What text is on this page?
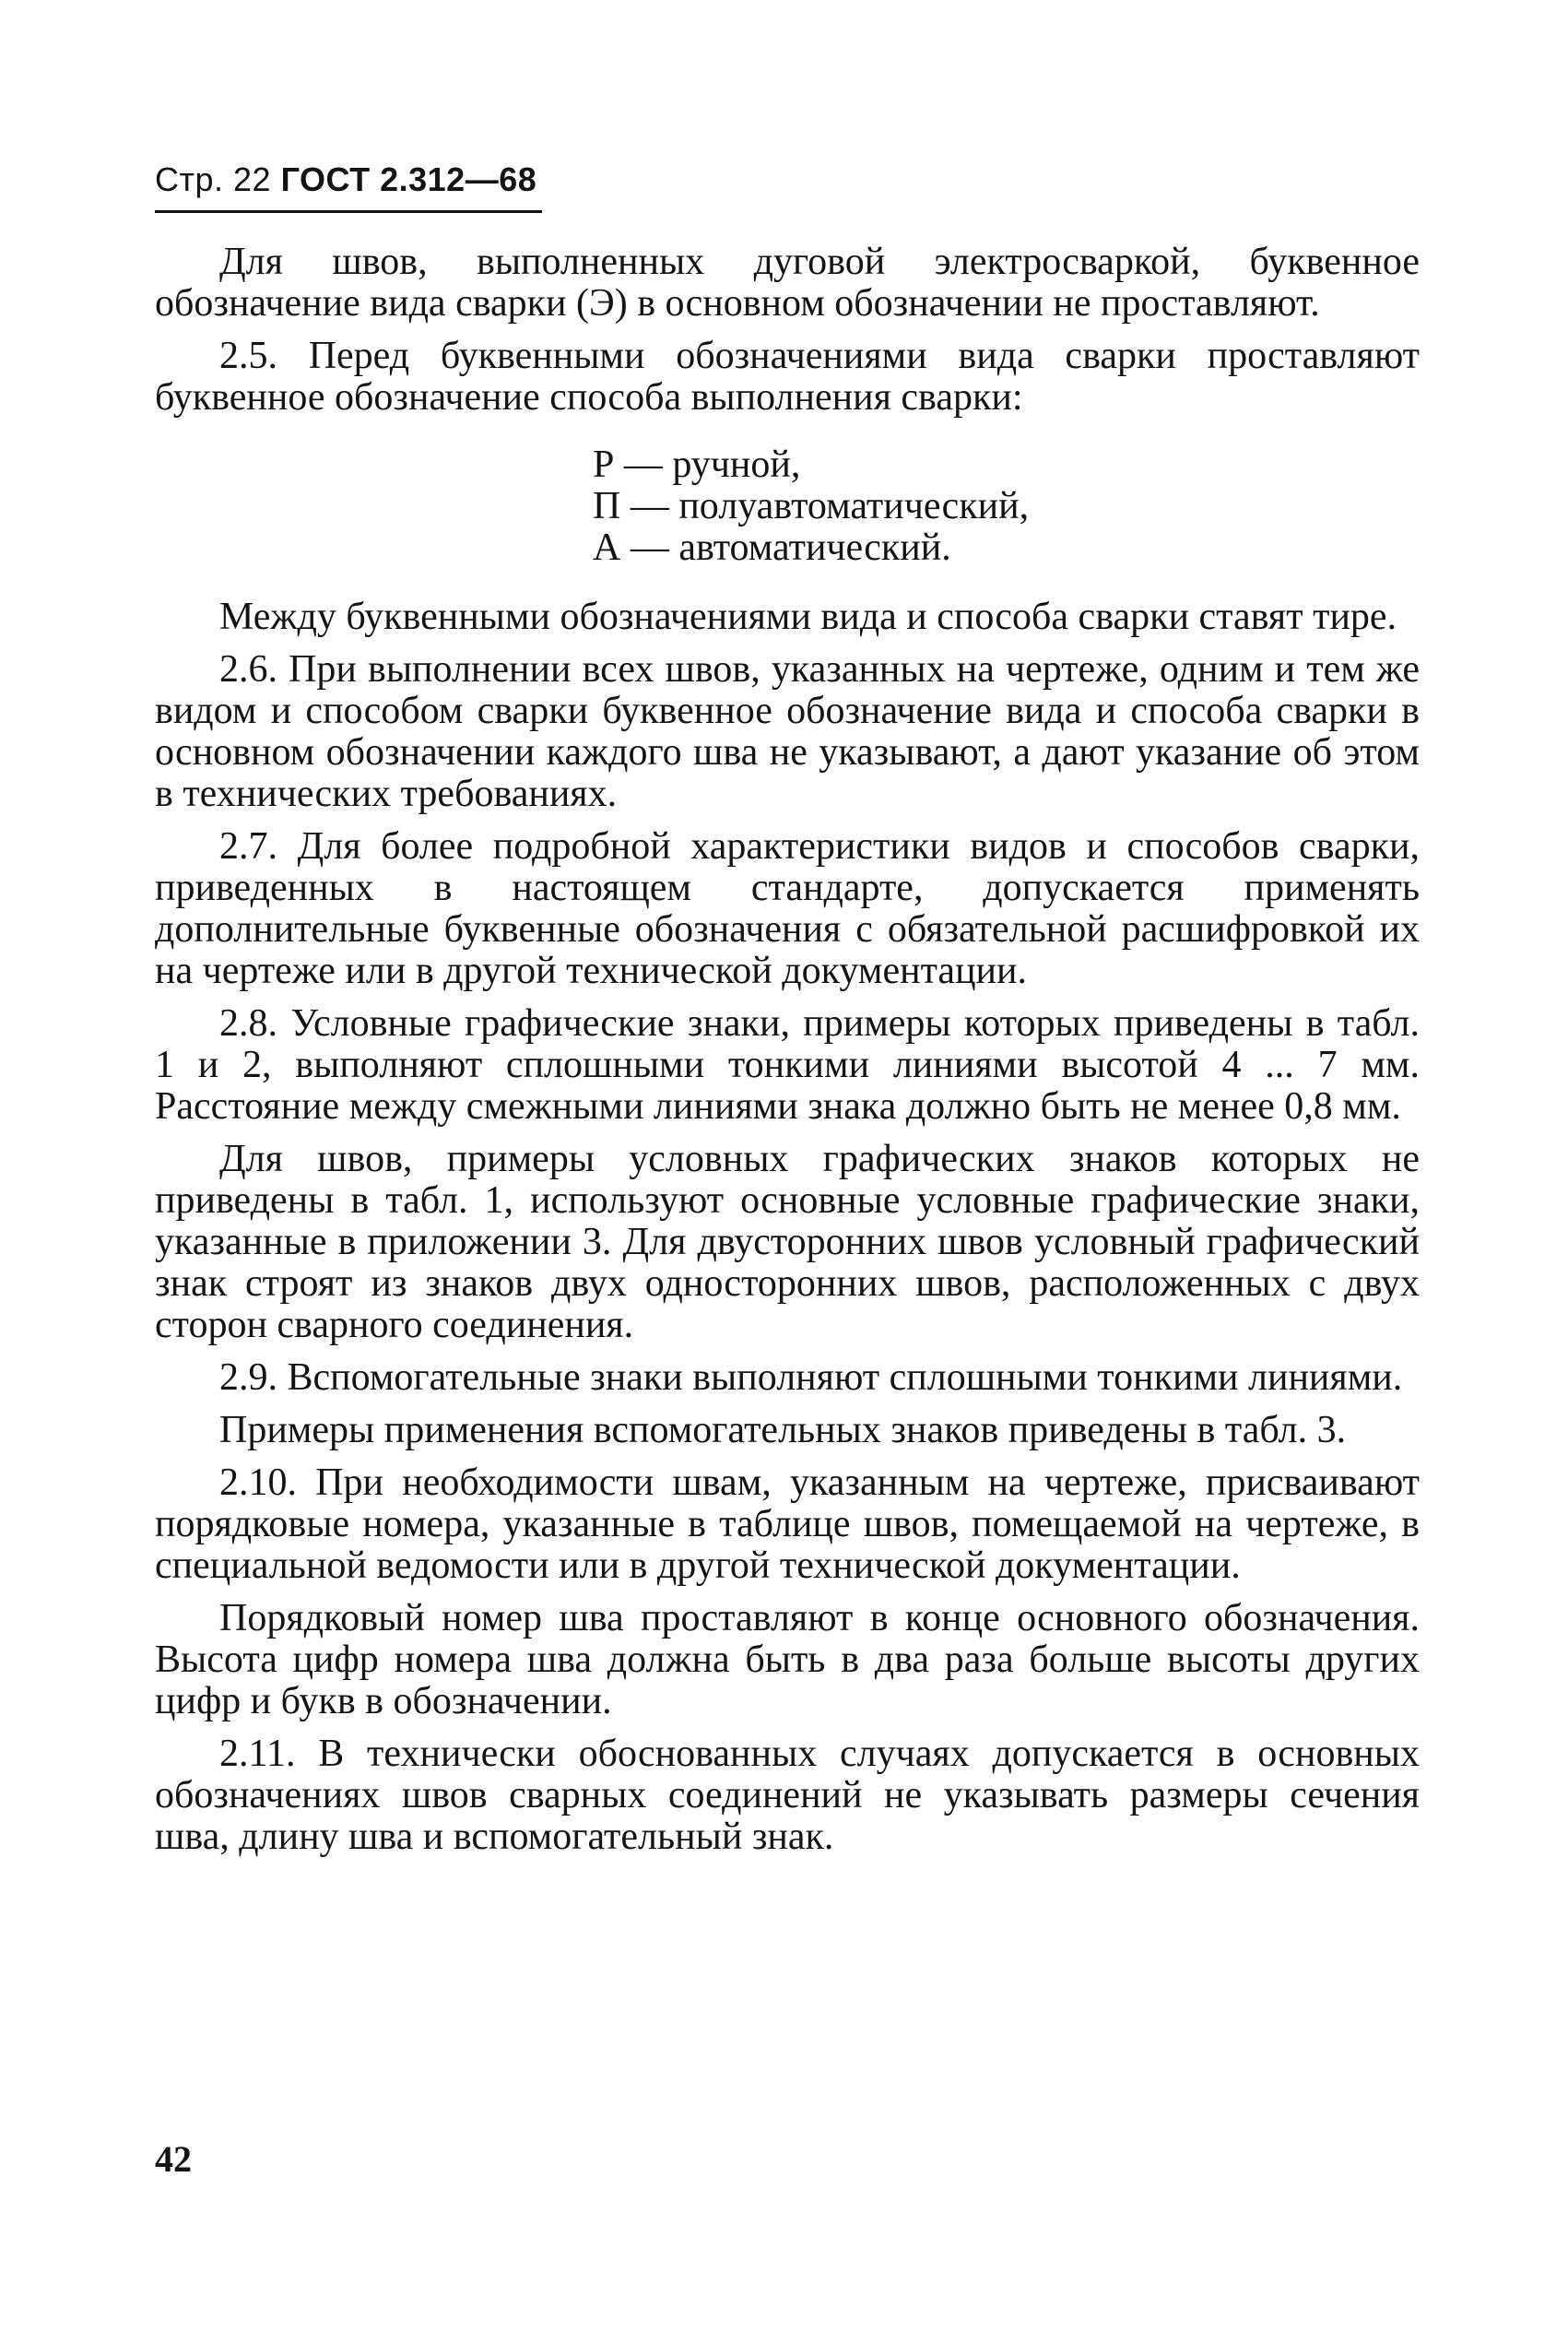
Стр. 22 ГОСТ 2.312—68

Для швов, выполненных дуговой электросваркой, буквенное обозначение вида сварки (Э) в основном обозначении не проставляют.

2.5. Перед буквенными обозначениями вида сварки проставляют буквенное обозначение способа выполнения сварки:

Р — ручной,
П — полуавтоматический,
А — автоматический.

Между буквенными обозначениями вида и способа сварки ставят тире.

2.6. При выполнении всех швов, указанных на чертеже, одним и тем же видом и способом сварки буквенное обозначение вида и способа сварки в основном обозначении каждого шва не указывают, а дают указание об этом в технических требованиях.

2.7. Для более подробной характеристики видов и способов сварки, приведенных в настоящем стандарте, допускается применять дополнительные буквенные обозначения с обязательной расшифровкой их на чертеже или в другой технической документации.

2.8. Условные графические знаки, примеры которых приведены в табл. 1 и 2, выполняют сплошными тонкими линиями высотой 4 ... 7 мм. Расстояние между смежными линиями знака должно быть не менее 0,8 мм.

Для швов, примеры условных графических знаков которых не приведены в табл. 1, используют основные условные графические знаки, указанные в приложении 3. Для двусторонних швов условный графический знак строят из знаков двух односторонних швов, расположенных с двух сторон сварного соединения.

2.9. Вспомогательные знаки выполняют сплошными тонкими линиями.

Примеры применения вспомогательных знаков приведены в табл. 3.

2.10. При необходимости швам, указанным на чертеже, присваивают порядковые номера, указанные в таблице швов, помещаемой на чертеже, в специальной ведомости или в другой технической документации.

Порядковый номер шва проставляют в конце основного обозначения. Высота цифр номера шва должна быть в два раза больше высоты других цифр и букв в обозначении.

2.11. В технически обоснованных случаях допускается в основных обозначениях швов сварных соединений не указывать размеры сечения шва, длину шва и вспомогательный знак.

42
